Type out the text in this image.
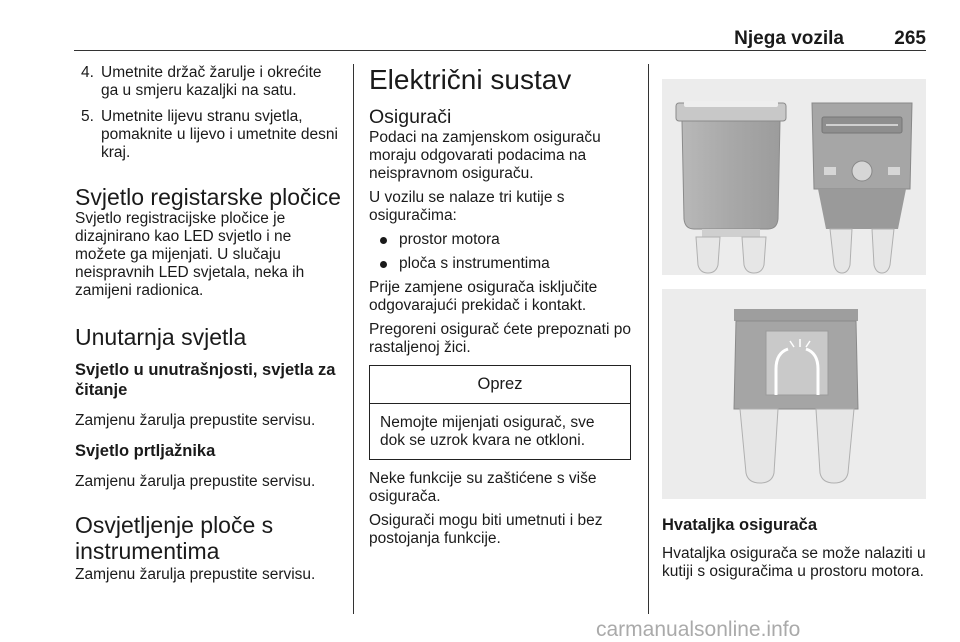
Njega vozila	265
4. Umetnite držač žarulje i okrećite ga u smjeru kazaljki na satu.
5. Umetnite lijevu stranu svjetla, pomaknite u lijevo i umetnite desni kraj.
Svjetlo registarske pločice

Svjetlo registracijske pločice je dizajnirano kao LED svjetlo i ne možete ga mijenjati. U slučaju neispravnih LED svjetala, neka ih zamijeni radionica.

Unutarnja svjetla
Svjetlo u unutrašnjosti, svjetla za čitanje

Zamjenu žarulja prepustite servisu.

Svjetlo prtljažnika

Zamjenu žarulja prepustite servisu.

Osvjetljenje ploče s instrumentima

Zamjenu žarulja prepustite servisu.

Električni sustav
Osigurači

Podaci na zamjenskom osiguraču moraju odgovarati podacima na neispravnom osiguraču.

U vozilu se nalaze tri kutije s osiguračima:

prostor motora
ploča s instrumentima

Prije zamjene osigurača isključite odgovarajući prekidač i kontakt.

Pregoreni osigurač ćete prepoznati po rastaljenoj žici.

Oprez
Nemojte mijenjati osigurač, sve dok se uzrok kvara ne otkloni.

Neke funkcije su zaštićene s više osigurača.

Osigurači mogu biti umetnuti i bez postojanja funkcije.

Hvataljka osigurača

Hvataljka osigurača se može nalaziti u kutiji s osiguračima u prostoru motora.

carmanualsonline.info
